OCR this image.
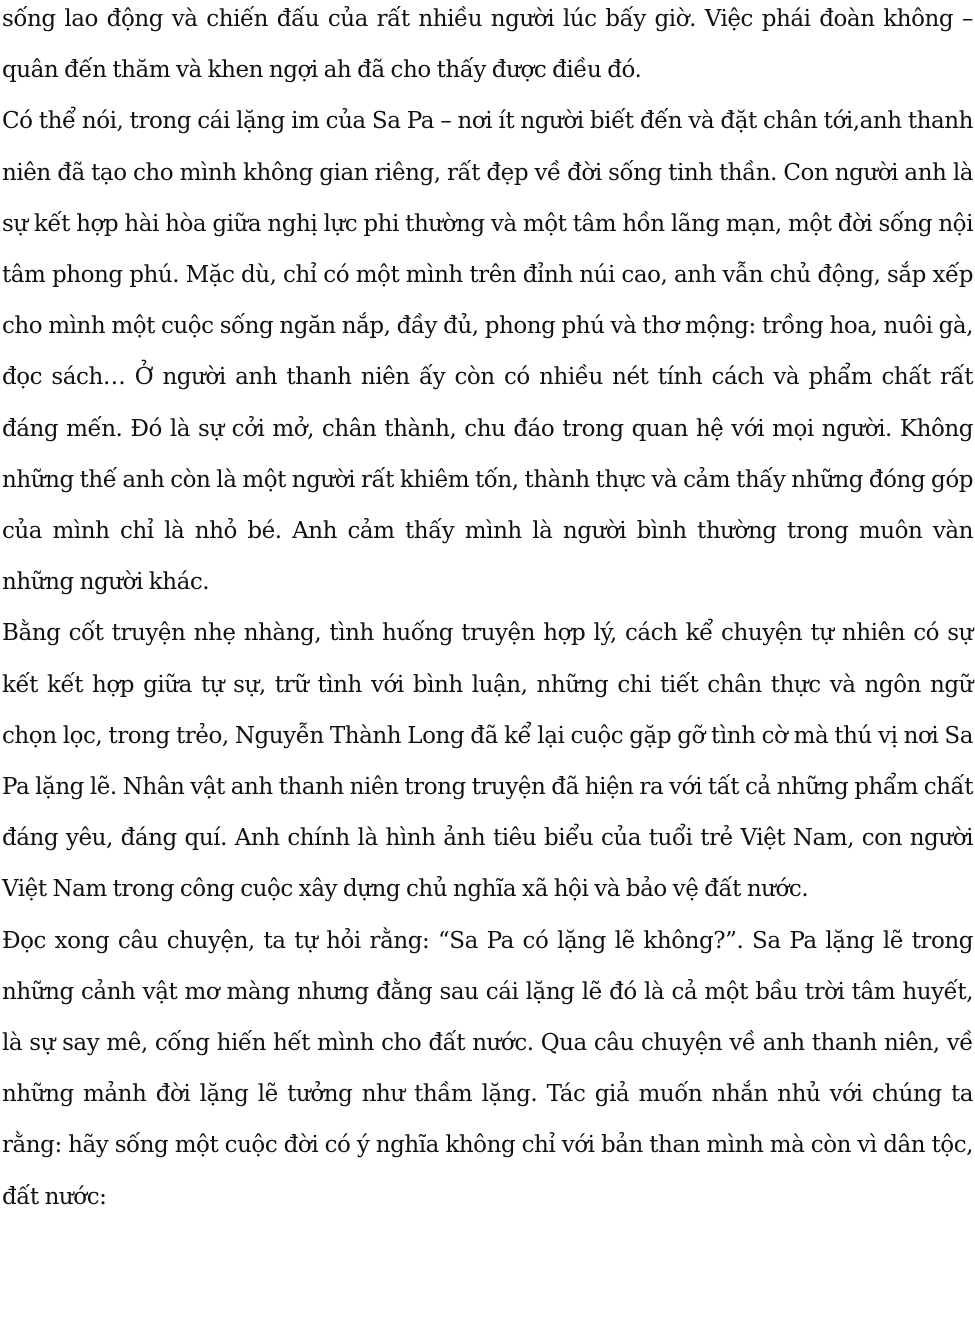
sống lao động và chiến đấu của rất nhiều người lúc bấy giờ. Việc phái đoàn không – quân đến thăm và khen ngợi ah đã cho thấy được điều đó.

Có thể nói, trong cái lặng im của Sa Pa – nơi ít người biết đến và đặt chân tới,anh thanh niên đã tạo cho mình không gian riêng, rất đẹp về đời sống tinh thần. Con người anh là sự kết hợp hài hòa giữa nghị lực phi thường và một tâm hồn lãng mạn, một đời sống nội tâm phong phú. Mặc dù, chỉ có một mình trên đỉnh núi cao, anh vẫn chủ động, sắp xếp cho mình một cuộc sống ngăn nắp, đầy đủ, phong phú và thơ mộng: trồng hoa, nuôi gà, đọc sách… Ở người anh thanh niên ấy còn có nhiều nét tính cách và phẩm chất rất đáng mến. Đó là sự cởi mở, chân thành, chu đáo trong quan hệ với mọi người. Không những thế anh còn là một người rất khiêm tốn, thành thực và cảm thấy những đóng góp của mình chỉ là nhỏ bé. Anh cảm thấy mình là người bình thường trong muôn vàn những người khác.

Bằng cốt truyện nhẹ nhàng, tình huống truyện hợp lý, cách kể chuyện tự nhiên có sự kết kết hợp giữa tự sự, trữ tình với bình luận, những chi tiết chân thực và ngôn ngữ chọn lọc, trong trẻo, Nguyễn Thành Long đã kể lại cuộc gặp gỡ tình cờ mà thú vị nơi Sa Pa lặng lẽ. Nhân vật anh thanh niên trong truyện đã hiện ra với tất cả những phẩm chất đáng yêu, đáng quí. Anh chính là hình ảnh tiêu biểu của tuổi trẻ Việt Nam, con người Việt Nam trong công cuộc xây dựng chủ nghĩa xã hội và bảo vệ đất nước.

Đọc xong câu chuyện, ta tự hỏi rằng: “Sa Pa có lặng lẽ không?”. Sa Pa lặng lẽ trong những cảnh vật mơ màng nhưng đằng sau cái lặng lẽ đó là cả một bầu trời tâm huyết, là sự say mê, cống hiến hết mình cho đất nước. Qua câu chuyện về anh thanh niên, về những mảnh đời lặng lẽ tưởng như thầm lặng. Tác giả muốn nhắn nhủ với chúng ta rằng: hãy sống một cuộc đời có ý nghĩa không chỉ với bản than mình mà còn vì dân tộc, đất nước:
